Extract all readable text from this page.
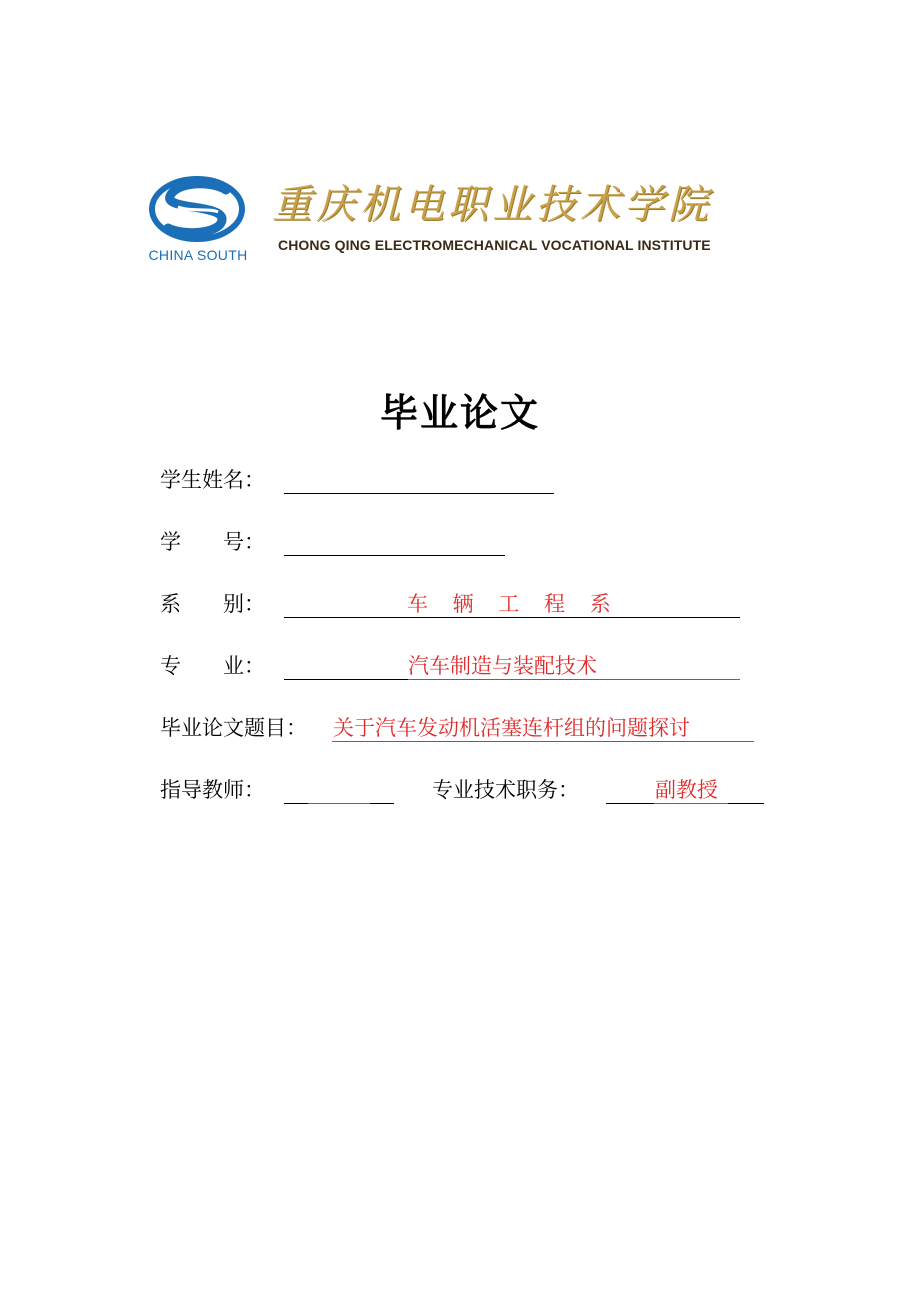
CHINA SOUTH
重庆机电职业技术学院
CHONG QING ELECTROMECHANICAL VOCATIONAL INSTITUTE
毕业论文
学生姓名：
学　　号：
系　　别：	车 辆 工 程 系
专　　业：	汽车制造与装配技术
毕业论文题目： 关于汽车发动机活塞连杆组的问题探讨
指导教师：	专业技术职务：	副教授
